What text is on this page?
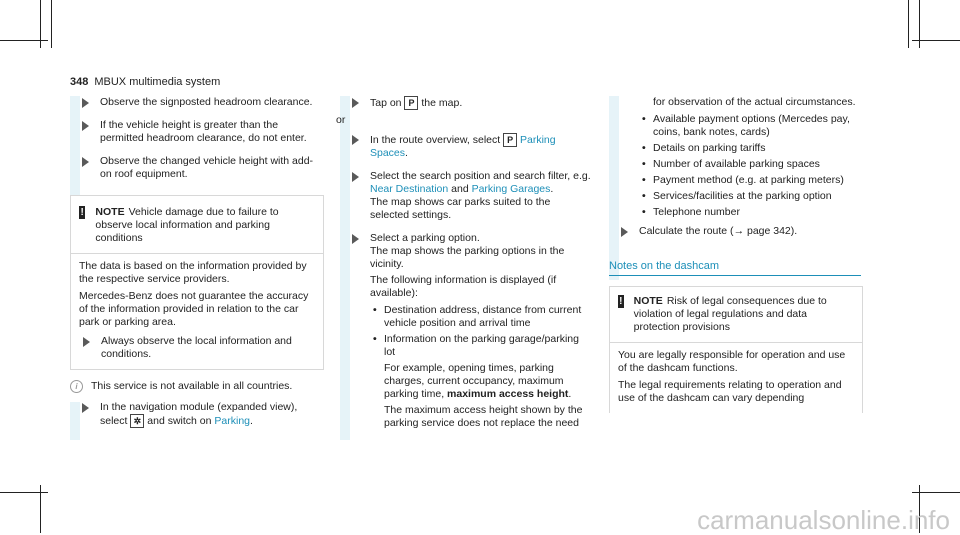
348 MBUX multimedia system
Observe the signposted headroom clearance.
If the vehicle height is greater than the permitted headroom clearance, do not enter.
Observe the changed vehicle height with add-on roof equipment.
! NOTE Vehicle damage due to failure to observe local information and parking conditions
The data is based on the information provided by the respective service providers.
Mercedes-Benz does not guarantee the accuracy of the information provided in relation to the car park or parking area.
Always observe the local information and conditions.
i	This service is not available in all countries.
In the navigation module (expanded view), select ✲ and switch on Parking.
Tap on P the map.
or
In the route overview, select P Parking Spaces.
Select the search position and search filter, e.g. Near Destination and Parking Garages.
The map shows car parks suited to the selected settings.
Select a parking option.
The map shows the parking options in the vicinity.
The following information is displayed (if available):
• Destination address, distance from current vehicle position and arrival time
• Information on the parking garage/parking lot
For example, opening times, parking charges, current occupancy, maximum parking time, maximum access height.
The maximum access height shown by the parking service does not replace the need
for observation of the actual circumstances.
• Available payment options (Mercedes pay, coins, bank notes, cards)
• Details on parking tariffs
• Number of available parking spaces
• Payment method (e.g. at parking meters)
• Services/facilities at the parking option
• Telephone number
Calculate the route (→ page 342).
Notes on the dashcam
! NOTE Risk of legal consequences due to violation of legal regulations and data protection provisions
You are legally responsible for operation and use of the dashcam functions.
The legal requirements relating to operation and use of the dashcam can vary depending
carmanualsonline.info
